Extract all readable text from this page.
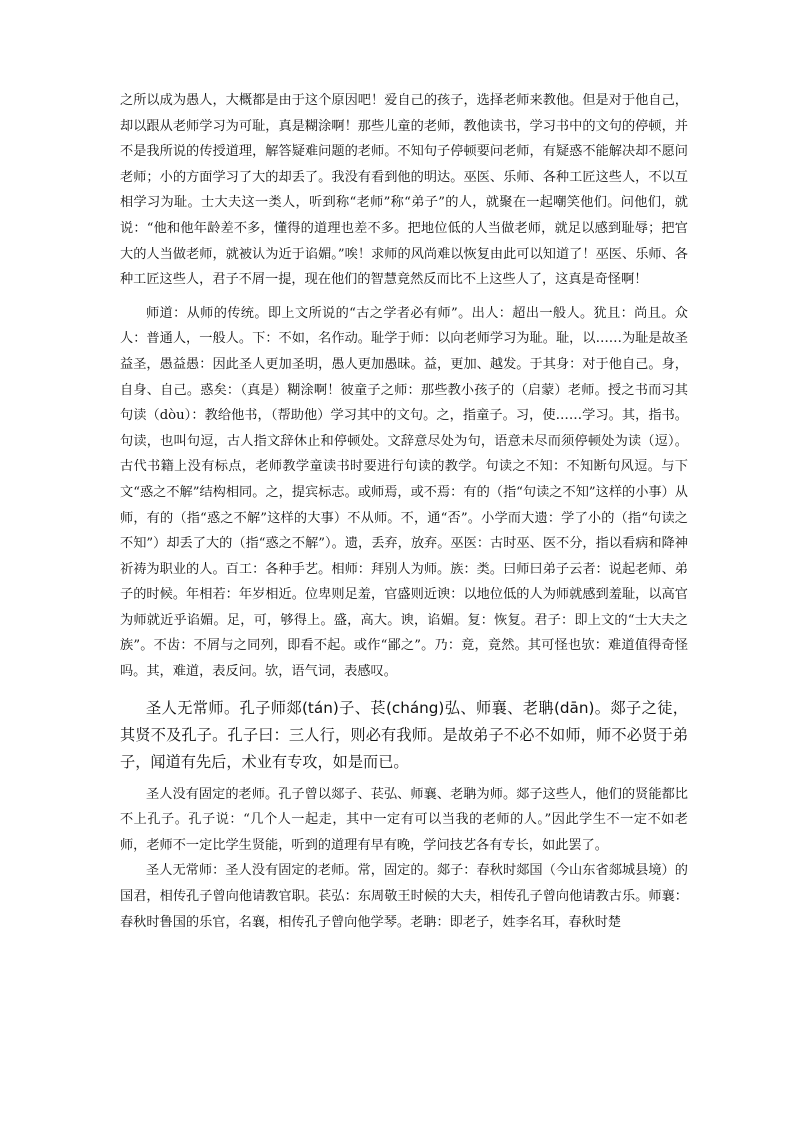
之所以成为愚人，大概都是由于这个原因吧！爱自己的孩子，选择老师来教他。但是对于他自己，却以跟从老师学习为可耻，真是糊涂啊！那些儿童的老师，教他读书，学习书中的文句的停顿，并不是我所说的传授道理，解答疑难问题的老师。不知句子停顿要问老师，有疑惑不能解决却不愿问老师；小的方面学习了大的却丢了。我没有看到他的明达。巫医、乐师、各种工匠这些人，不以互相学习为耻。士大夫这一类人，听到称“老师”称“弟子”的人，就聚在一起嘲笑他们。问他们，就说：“他和他年龄差不多，懂得的道理也差不多。把地位低的人当做老师，就足以感到耻辱；把官大的人当做老师，就被认为近于谄媚。”唉！求师的风尚难以恢复由此可以知道了！巫医、乐师、各种工匠这些人，君子不屑一提，现在他们的智慧竟然反而比不上这些人了，这真是奇怪啊！

师道：从师的传统。即上文所说的“古之学者必有师”。出人：超出一般人。犹且：尚且。众人：普通人，一般人。下：不如，名作动。耻学于师：以向老师学习为耻。耻，以……为耻是故圣益圣，愚益愚：因此圣人更加圣明，愚人更加愚昧。益，更加、越发。于其身：对于他自己。身，自身、自己。惑矣：（真是）糊涂啊！彼童子之师：那些教小孩子的（启蒙）老师。授之书而习其句读（dòu）：教给他书，（帮助他）学习其中的文句。之，指童子。习，使……学习。其，指书。句读，也叫句逗，古人指文辞休止和停顿处。文辞意尽处为句，语意未尽而须停顿处为读（逗）。古代书籍上没有标点，老师教学童读书时要进行句读的教学。句读之不知：不知断句风逗。与下文“惑之不解”结构相同。之，提宾标志。或师焉，或不焉：有的（指“句读之不知”这样的小事）从师，有的（指“惑之不解”这样的大事）不从师。不，通“否”。小学而大遗：学了小的（指“句读之不知”）却丢了大的（指“惑之不解”）。遗，丢弃，放弃。巫医：古时巫、医不分，指以看病和降神祈祷为职业的人。百工：各种手艺。相师：拜别人为师。族：类。曰师曰弟子云者：说起老师、弟子的时候。年相若：年岁相近。位卑则足羞，官盛则近谀：以地位低的人为师就感到羞耻，以高官为师就近乎谄媚。足，可，够得上。盛，高大。谀，谄媚。复：恢复。君子：即上文的“士大夫之族”。不齿：不屑与之同列，即看不起。或作“鄙之”。乃：竟，竟然。其可怪也欤：难道值得奇怪吗。其，难道，表反问。欤，语气词，表感叹。

圣人无常师。孔子师郯(tán)子、苌(cháng)弘、师襄、老聃(dān)。郯子之徒，其贤不及孔子。孔子曰：三人行，则必有我师。是故弟子不必不如师，师不必贤于弟子，闻道有先后，术业有专攻，如是而已。

圣人没有固定的老师。孔子曾以郯子、苌弘、师襄、老聃为师。郯子这些人，他们的贤能都比不上孔子。孔子说：“几个人一起走，其中一定有可以当我的老师的人。”因此学生不一定不如老师，老师不一定比学生贤能，听到的道理有早有晚，学问技艺各有专长，如此罢了。

圣人无常师：圣人没有固定的老师。常，固定的。郯子：春秋时郯国（今山东省郯城县境）的国君，相传孔子曾向他请教官职。苌弘：东周敬王时候的大夫，相传孔子曾向他请教古乐。师襄：春秋时鲁国的乐官，名襄，相传孔子曾向他学琴。老聃：即老子，姓李名耳，春秋时楚
